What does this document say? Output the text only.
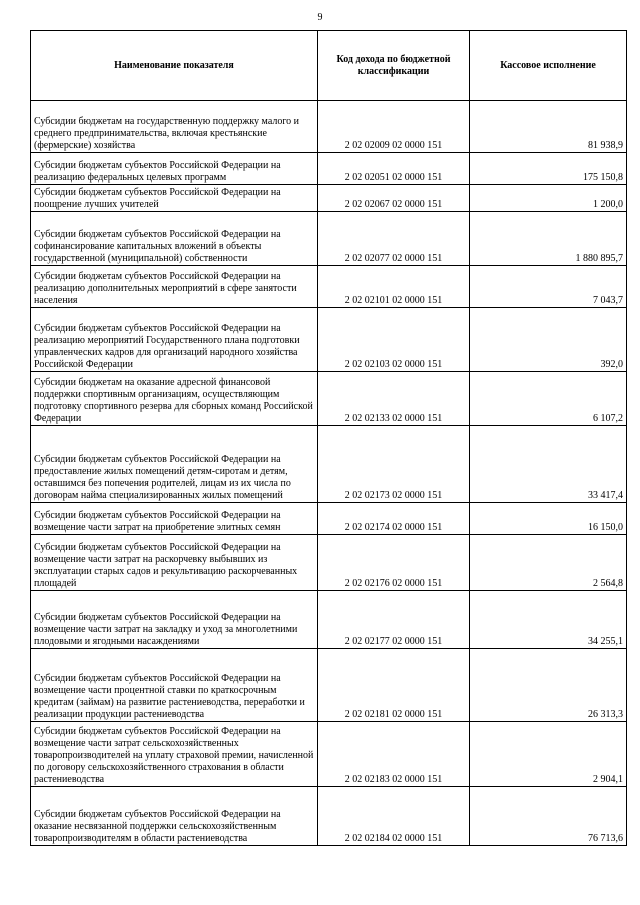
9
Наименование показателя	Код дохода по бюджетной классификации	Кассовое исполнение

Субсидии бюджетам на государственную поддержку малого и среднего предпринимательства, включая крестьянские (фермерские) хозяйства	2 02 02009 02 0000 151	81 938,9
Субсидии бюджетам субъектов Российской Федерации на реализацию федеральных целевых программ	2 02 02051 02 0000 151	175 150,8
Субсидии бюджетам субъектов Российской Федерации на поощрение лучших учителей	2 02 02067 02 0000 151	1 200,0
Субсидии бюджетам субъектов Российской Федерации на софинансирование капитальных вложений в объекты государственной (муниципальной) собственности	2 02 02077 02 0000 151	1 880 895,7
Субсидии бюджетам субъектов Российской Федерации на реализацию дополнительных мероприятий в сфере занятости населения	2 02 02101 02 0000 151	7 043,7
Субсидии бюджетам субъектов Российской Федерации на реализацию мероприятий Государственного плана подготовки управленческих кадров для организаций народного хозяйства Российской Федерации	2 02 02103 02 0000 151	392,0
Субсидии бюджетам на оказание адресной финансовой поддержки спортивным организациям, осуществляющим подготовку спортивного резерва для сборных команд Российской Федерации	2 02 02133 02 0000 151	6 107,2
Субсидии бюджетам субъектов Российской Федерации на предоставление жилых помещений детям-сиротам и детям, оставшимся без попечения родителей, лицам из их числа по договорам найма специализированных жилых помещений	2 02 02173 02 0000 151	33 417,4
Субсидии бюджетам субъектов Российской Федерации на возмещение части затрат на приобретение элитных семян	2 02 02174 02 0000 151	16 150,0
Субсидии бюджетам субъектов Российской Федерации на возмещение части затрат на раскорчевку выбывших из эксплуатации старых садов и рекультивацию раскорчеванных площадей	2 02 02176 02 0000 151	2 564,8
Субсидии бюджетам субъектов Российской Федерации на возмещение части затрат на закладку и уход за многолетними плодовыми и ягодными насаждениями	2 02 02177 02 0000 151	34 255,1
Субсидии бюджетам субъектов Российской Федерации на возмещение части процентной ставки по краткосрочным кредитам (займам) на развитие растениеводства, переработки и реализации продукции растениеводства	2 02 02181 02 0000 151	26 313,3
Субсидии бюджетам субъектов Российской Федерации на возмещение части затрат сельскохозяйственных товаропроизводителей на уплату страховой премии, начисленной по договору сельскохозяйственного страхования в области растениеводства	2 02 02183 02 0000 151	2 904,1
Субсидии бюджетам субъектов Российской Федерации на оказание несвязанной поддержки сельскохозяйственным товаропроизводителям в области растениеводства	2 02 02184 02 0000 151	76 713,6
